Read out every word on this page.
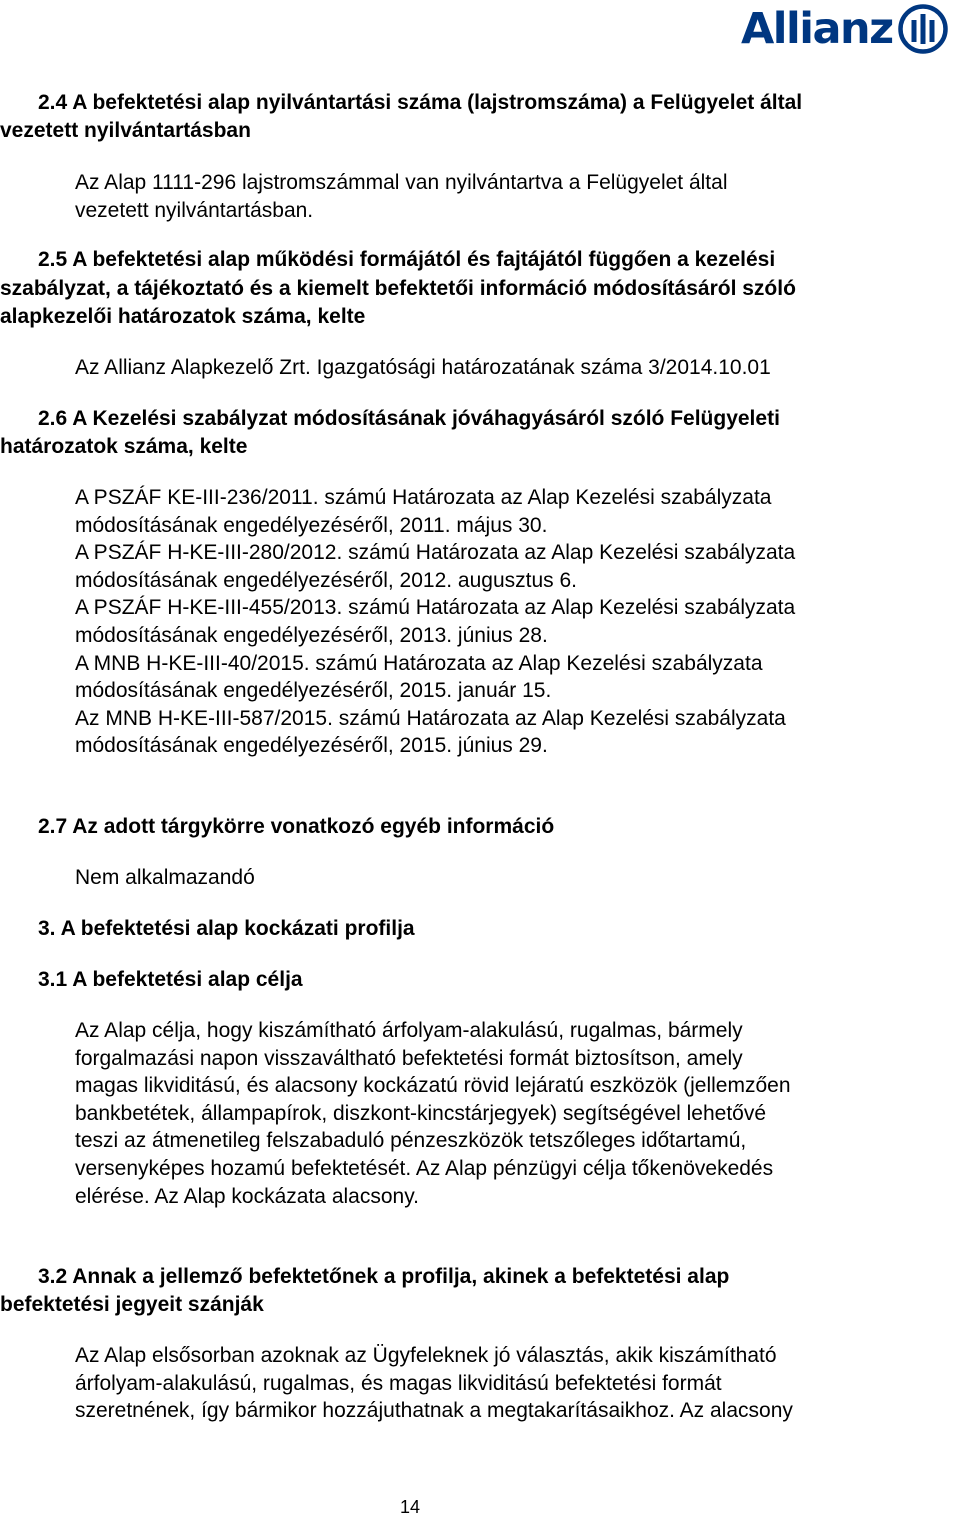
Allianz
2.4 A befektetési alap nyilvántartási száma (lajstromszáma) a Felügyelet által
vezetett nyilvántartásban
Az Alap 1111-296 lajstromszámmal van nyilvántartva a Felügyelet által
vezetett nyilvántartásban.
2.5 A befektetési alap működési formájától és fajtájától függően a kezelési
szabályzat, a tájékoztató és a kiemelt befektetői információ módosításáról szóló
alapkezelői határozatok száma, kelte
Az Allianz Alapkezelő Zrt. Igazgatósági határozatának száma 3/2014.10.01
2.6 A Kezelési szabályzat módosításának jóváhagyásáról szóló Felügyeleti
határozatok száma, kelte
A PSZÁF KE-III-236/2011. számú Határozata az Alap Kezelési szabályzata
módosításának engedélyezéséről, 2011. május 30.
A PSZÁF H-KE-III-280/2012. számú Határozata az Alap Kezelési szabályzata
módosításának engedélyezéséről, 2012. augusztus 6.
A PSZÁF H-KE-III-455/2013. számú Határozata az Alap Kezelési szabályzata
módosításának engedélyezéséről, 2013. június 28.
A MNB H-KE-III-40/2015. számú Határozata az Alap Kezelési szabályzata
módosításának engedélyezéséről, 2015. január 15.
Az MNB H-KE-III-587/2015. számú Határozata az Alap Kezelési szabályzata
módosításának engedélyezéséről, 2015. június 29.
2.7 Az adott tárgykörre vonatkozó egyéb információ
Nem alkalmazandó
3. A befektetési alap kockázati profilja
3.1 A befektetési alap célja
Az Alap célja, hogy kiszámítható árfolyam-alakulású, rugalmas, bármely
forgalmazási napon visszaváltható befektetési formát biztosítson, amely
magas likviditású, és alacsony kockázatú rövid lejáratú eszközök (jellemzően
bankbetétek, állampapírok, diszkont-kincstárjegyek) segítségével lehetővé
teszi az átmenetileg felszabaduló pénzeszközök tetszőleges időtartamú,
versenyképes hozamú befektetését. Az Alap pénzügyi célja tőkenövekedés
elérése. Az Alap kockázata alacsony.
3.2 Annak a jellemző befektetőnek a profilja, akinek a befektetési alap
befektetési jegyeit szánják
Az Alap elsősorban azoknak az Ügyfeleknek jó választás, akik kiszámítható
árfolyam-alakulású, rugalmas, és magas likviditású befektetési formát
szeretnének, így bármikor hozzájuthatnak a megtakarításaikhoz. Az alacsony
14
